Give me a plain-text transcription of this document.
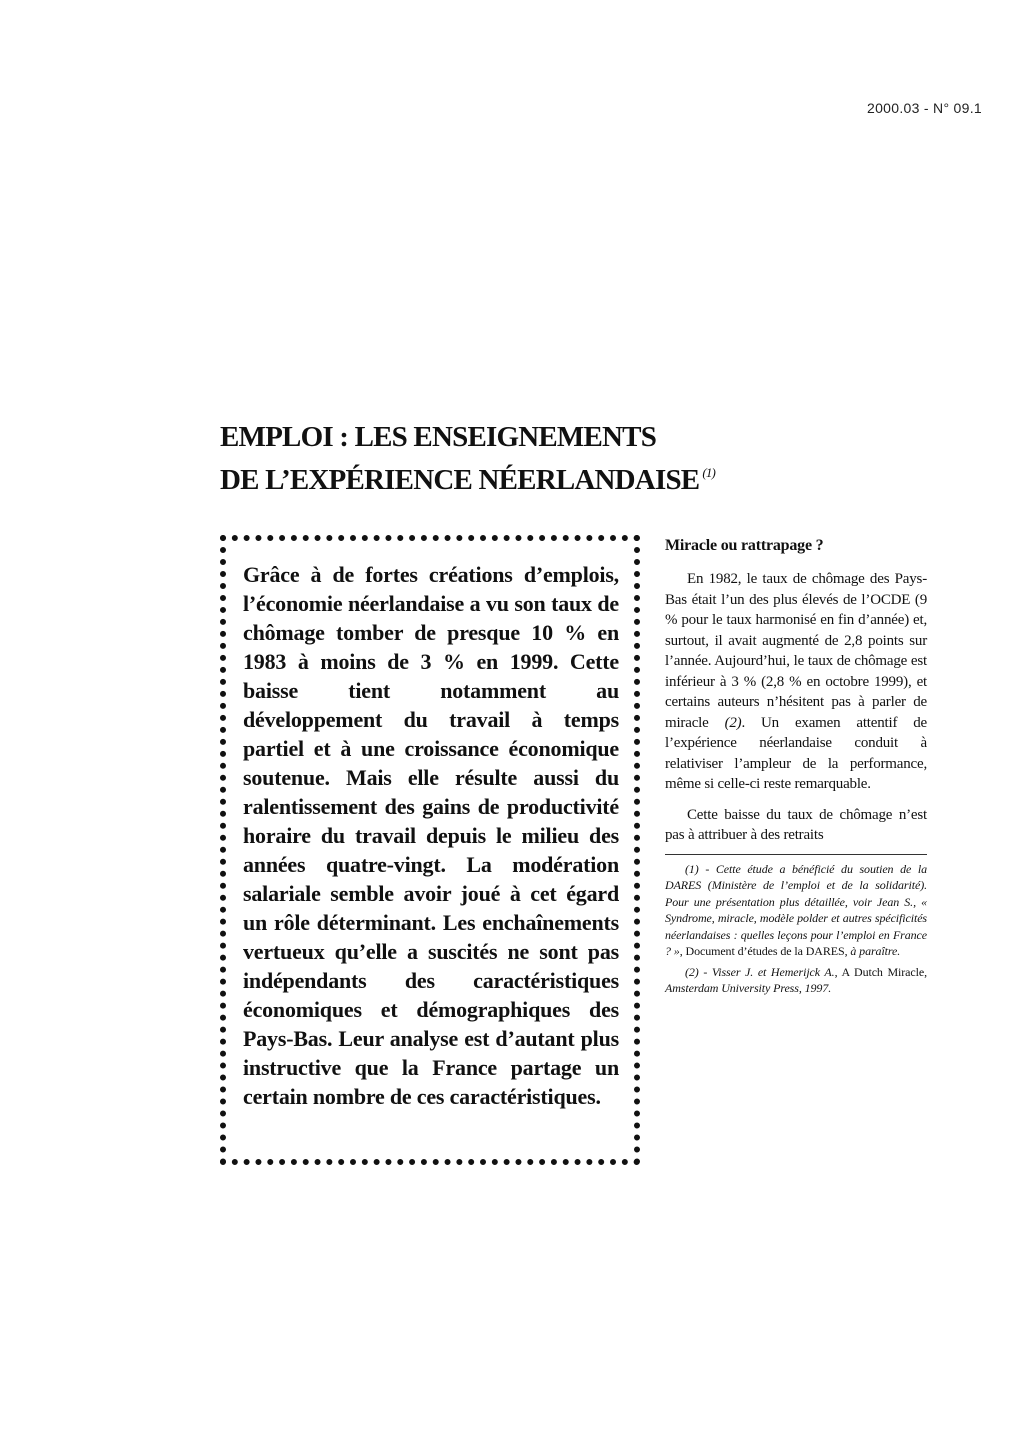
2000.03 - N° 09.1
EMPLOI : LES ENSEIGNEMENTS
DE L’EXPÉRIENCE NÉERLANDAISE $^{(1)}$

Grâce à de fortes créations d’emplois, l’économie néerlandaise a vu son taux de chômage tomber de presque 10 % en 1983 à moins de 3 % en 1999. Cette baisse tient notamment au développement du travail à temps partiel et à une croissance économique soutenue. Mais elle résulte aussi du ralentissement des gains de productivité horaire du travail depuis le milieu des années quatre-vingt. La modération salariale semble avoir joué à cet égard un rôle déterminant. Les enchaînements vertueux qu’elle a suscités ne sont pas indépendants des caractéristiques économiques et démographiques des Pays-Bas. Leur analyse est d’autant plus instructive que la France partage un certain nombre de ces caractéristiques.

Miracle ou rattrapage ?

En 1982, le taux de chômage des Pays-Bas était l’un des plus élevés de l’OCDE (9 % pour le taux harmonisé en fin d’année) et, surtout, il avait augmenté de 2,8 points sur l’année. Aujourd’hui, le taux de chômage est inférieur à 3 % (2,8 % en octobre 1999), et certains auteurs n’hésitent pas à parler de miracle (2). Un examen attentif de l’expérience néerlandaise conduit à relativiser l’ampleur de la performance, même si celle-ci reste remarquable.

Cette baisse du taux de chômage n’est pas à attribuer à des retraits

(1) - Cette étude a bénéficié du soutien de la DARES (Ministère de l’emploi et de la solidarité). Pour une présentation plus détaillée, voir Jean S., « Syndrome, miracle, modèle polder et autres spécificités néerlandaises : quelles leçons pour l’emploi en France ? », Document d’études de la DARES, à paraître.

(2) - Visser J. et Hemerijck A., A Dutch Miracle, Amsterdam University Press, 1997.
